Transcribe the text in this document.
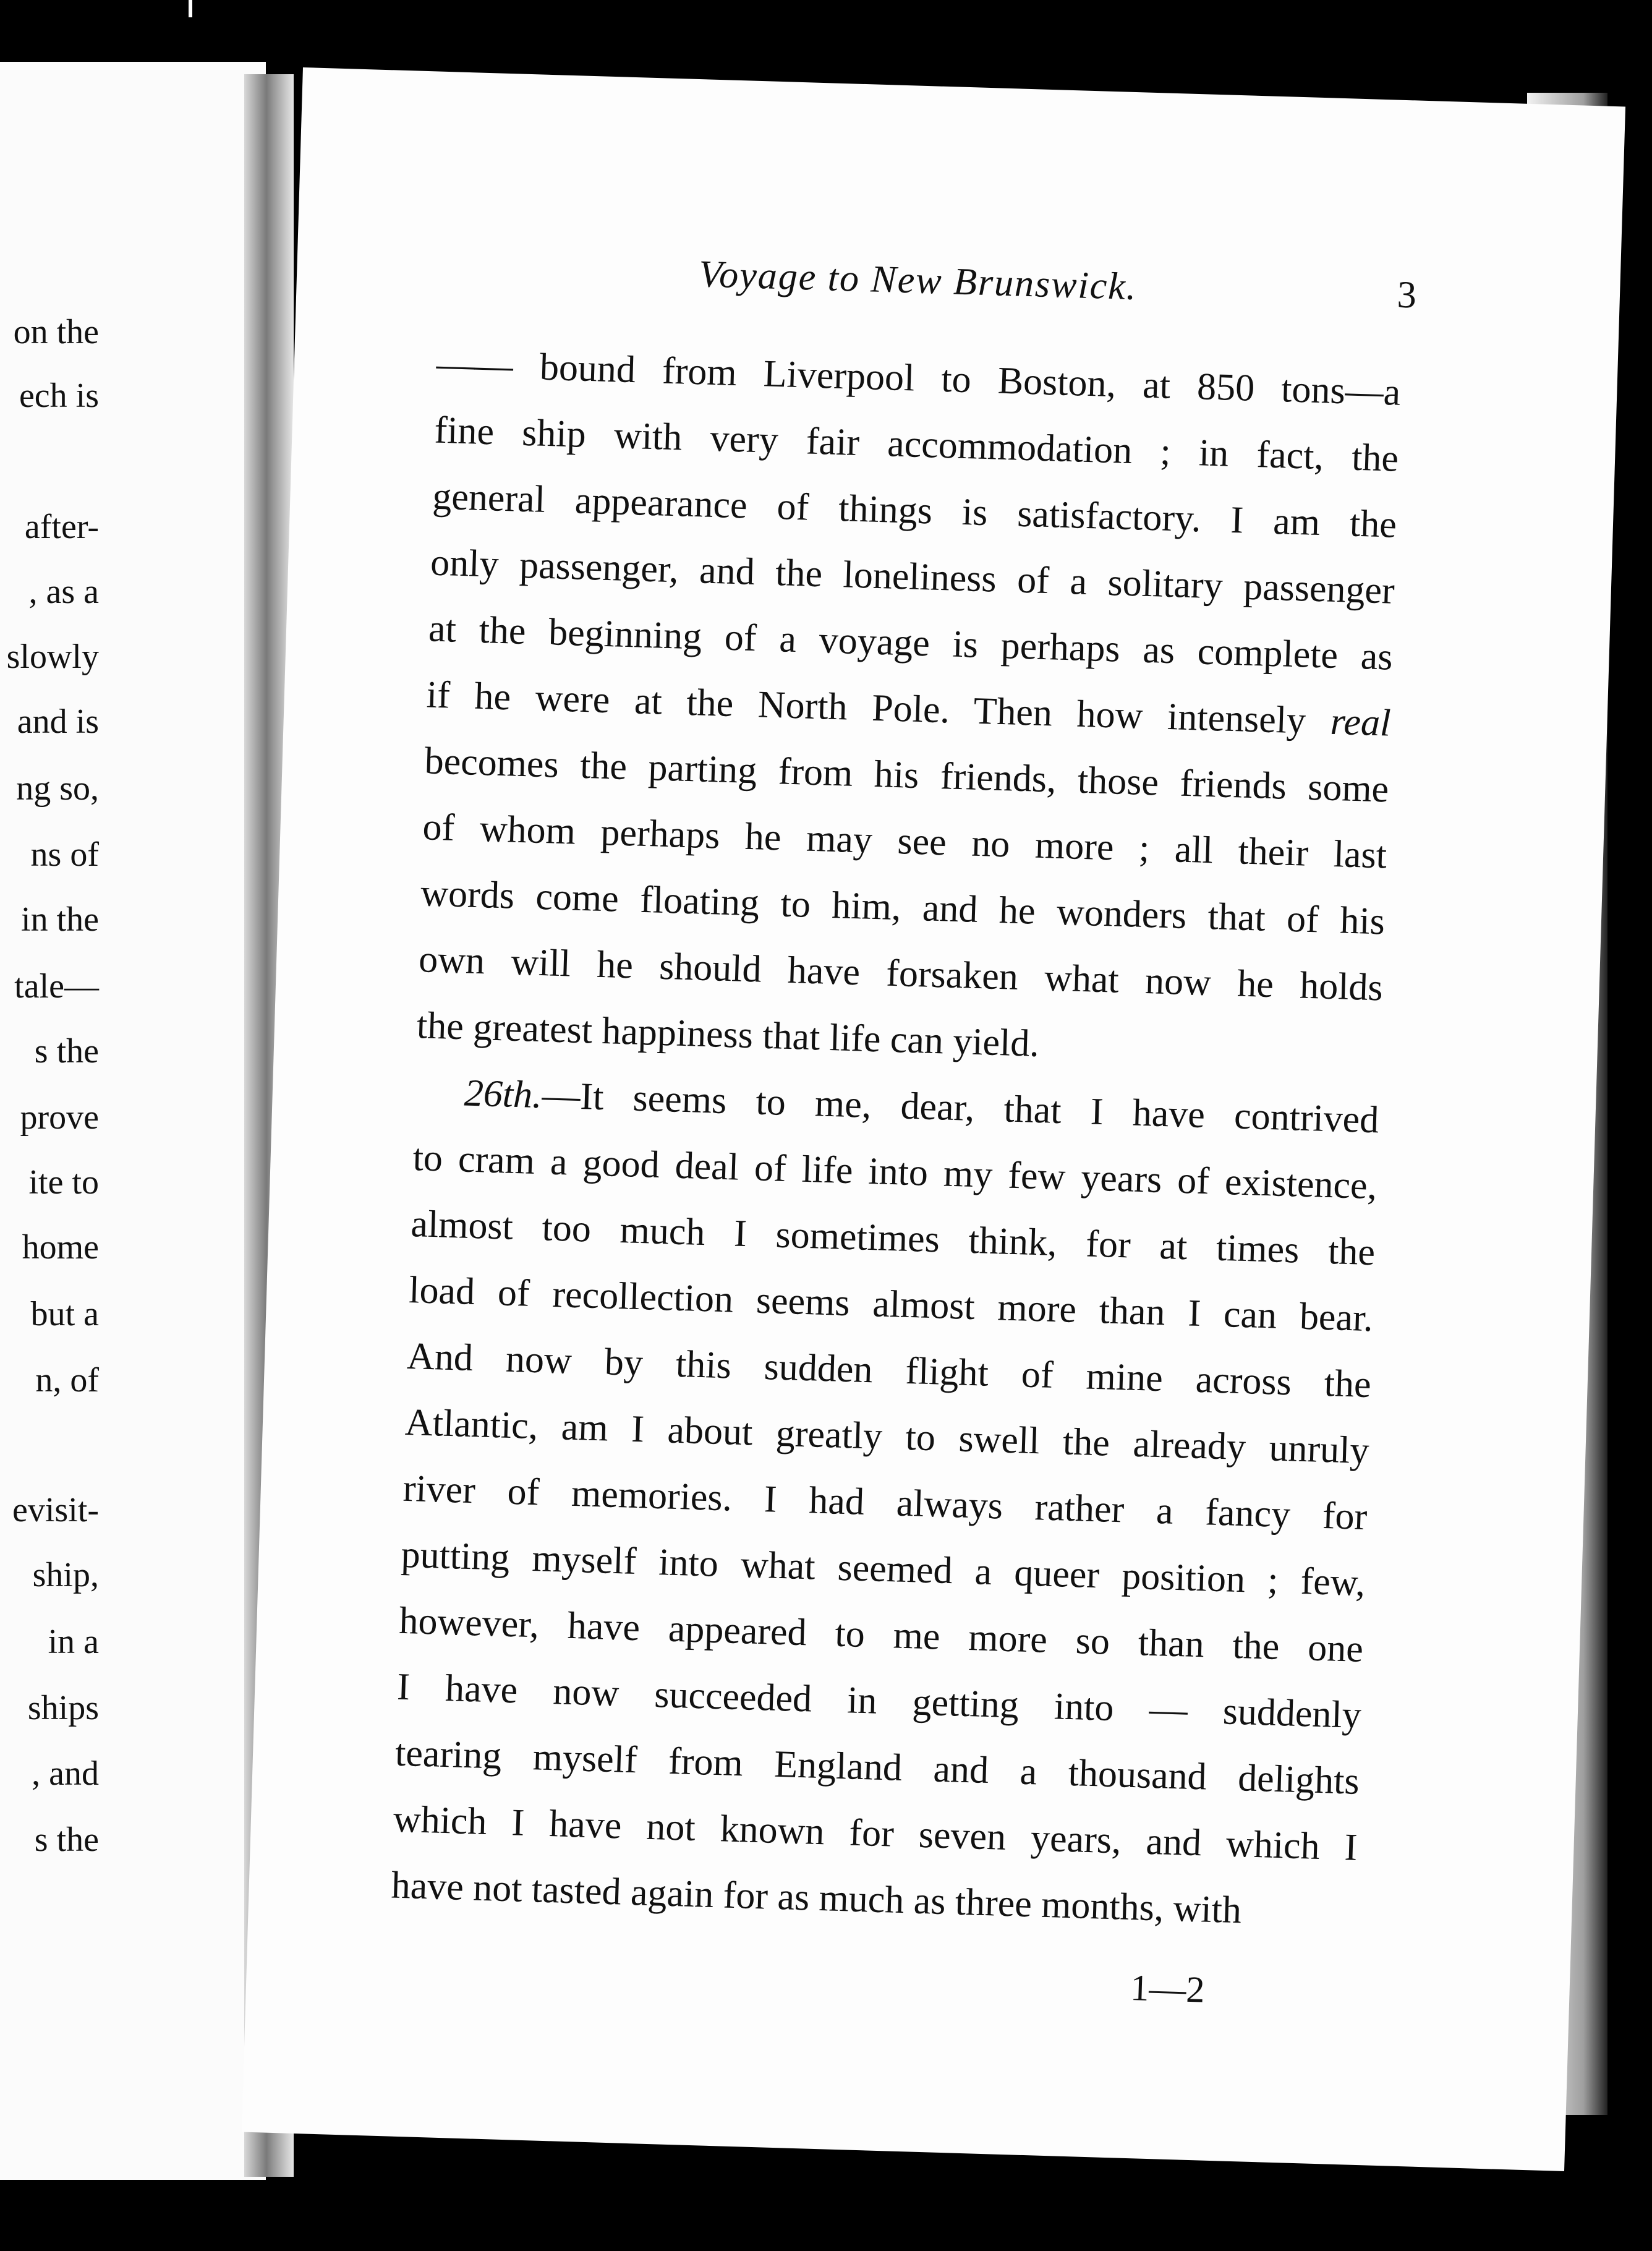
on the
ech is
after-
, as a
slowly
and is
ng so,
ns of
in the
tale—
s the
prove
ite to
home
but a
n, of
evisit-
ship,
in a
ships
, and
s the
Voyage to New Brunswick.	3
—— bound from Liverpool to Boston, at 850 tons—a
fine ship with very fair accommodation ; in fact, the
general appearance of things is satisfactory. I am the
only passenger, and the loneliness of a solitary passenger
at the beginning of a voyage is perhaps as complete as
if he were at the North Pole. Then how intensely real
becomes the parting from his friends, those friends some
of whom perhaps he may see no more ; all their last
words come floating to him, and he wonders that of his
own will he should have forsaken what now he holds
the greatest happiness that life can yield.
26th.—It seems to me, dear, that I have contrived
to cram a good deal of life into my few years of existence,
almost too much I sometimes think, for at times the
load of recollection seems almost more than I can bear.
And now by this sudden flight of mine across the
Atlantic, am I about greatly to swell the already unruly
river of memories. I had always rather a fancy for
putting myself into what seemed a queer position ; few,
however, have appeared to me more so than the one
I have now succeeded in getting into — suddenly
tearing myself from England and a thousand delights
which I have not known for seven years, and which I
have not tasted again for as much as three months, with
1—2
